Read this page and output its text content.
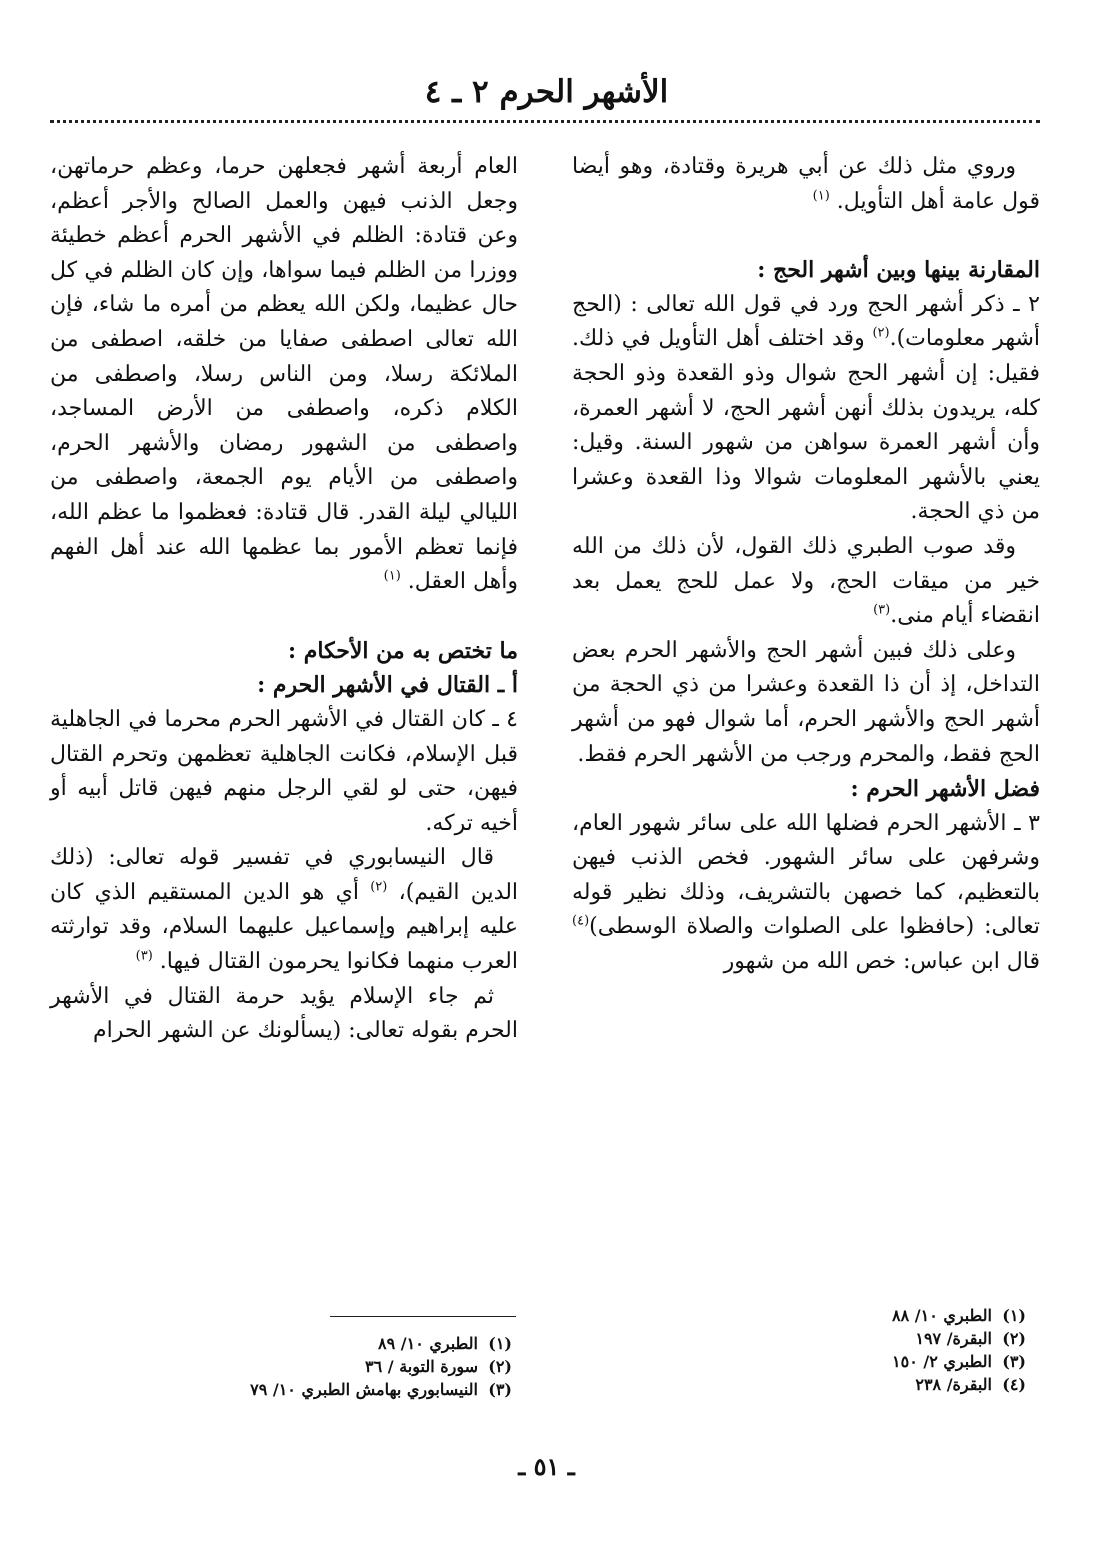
الأشهر الحرم ٢ ـ ٤

وروي مثل ذلك عن أبي هريرة وقتادة، وهو أيضا قول عامة أهل التأويل. $^{(١)}$

المقارنة بينها وبين أشهر الحج :

٢ ـ ذكر أشهر الحج ورد في قول الله تعالى : (الحج أشهر معلومات).$^{(٢)}$ وقد اختلف أهل التأويل في ذلك. فقيل: إن أشهر الحج شوال وذو القعدة وذو الحجة كله، يريدون بذلك أنهن أشهر الحج، لا أشهر العمرة، وأن أشهر العمرة سواهن من شهور السنة. وقيل: يعني بالأشهر المعلومات شوالا وذا القعدة وعشرا من ذي الحجة.

وقد صوب الطبري ذلك القول، لأن ذلك من الله خير من ميقات الحج، ولا عمل للحج يعمل بعد انقضاء أيام منى.$^{(٣)}$

وعلى ذلك فبين أشهر الحج والأشهر الحرم بعض التداخل، إذ أن ذا القعدة وعشرا من ذي الحجة من أشهر الحج والأشهر الحرم، أما شوال فهو من أشهر الحج فقط، والمحرم ورجب من الأشهر الحرم فقط.

فضل الأشهر الحرم :

٣ ـ الأشهر الحرم فضلها الله على سائر شهور العام، وشرفهن على سائر الشهور. فخص الذنب فيهن بالتعظيم، كما خصهن بالتشريف، وذلك نظير قوله تعالى: (حافظوا على الصلوات والصلاة الوسطى)$^{(٤)}$ قال ابن عباس: خص الله من شهور

العام أربعة أشهر فجعلهن حرما، وعظم حرماتهن، وجعل الذنب فيهن والعمل الصالح والأجر أعظم، وعن قتادة: الظلم في الأشهر الحرم أعظم خطيئة ووزرا من الظلم فيما سواها، وإن كان الظلم في كل حال عظيما، ولكن الله يعظم من أمره ما شاء، فإن الله تعالى اصطفى صفايا من خلقه، اصطفى من الملائكة رسلا، ومن الناس رسلا، واصطفى من الكلام ذكره، واصطفى من الأرض المساجد، واصطفى من الشهور رمضان والأشهر الحرم، واصطفى من الأيام يوم الجمعة، واصطفى من الليالي ليلة القدر. قال قتادة: فعظموا ما عظم الله، فإنما تعظم الأمور بما عظمها الله عند أهل الفهم وأهل العقل. $^{(١)}$

ما تختص به من الأحكام :

أ ـ القتال في الأشهر الحرم :

٤ ـ كان القتال في الأشهر الحرم محرما في الجاهلية قبل الإسلام، فكانت الجاهلية تعظمهن وتحرم القتال فيهن، حتى لو لقي الرجل منهم فيهن قاتل أبيه أو أخيه تركه.

قال النيسابوري في تفسير قوله تعالى: (ذلك الدين القيم)، $^{(٢)}$ أي هو الدين المستقيم الذي كان عليه إبراهيم وإسماعيل عليهما السلام، وقد توارثته العرب منهما فكانوا يحرمون القتال فيها. $^{(٣)}$

ثم جاء الإسلام يؤيد حرمة القتال في الأشهر الحرم بقوله تعالى: (يسألونك عن الشهر الحرام

(١)الطبري ١٠/ ٨٨
(٢)البقرة/ ١٩٧
(٣)الطبري ٢/ ١٥٠
(٤)البقرة/ ٢٣٨
(١)الطبري ١٠/ ٨٩
(٢)سورة التوبة / ٣٦
(٣)النيسابوري بهامش الطبري ١٠/ ٧٩
ـ ٥١ ـ
